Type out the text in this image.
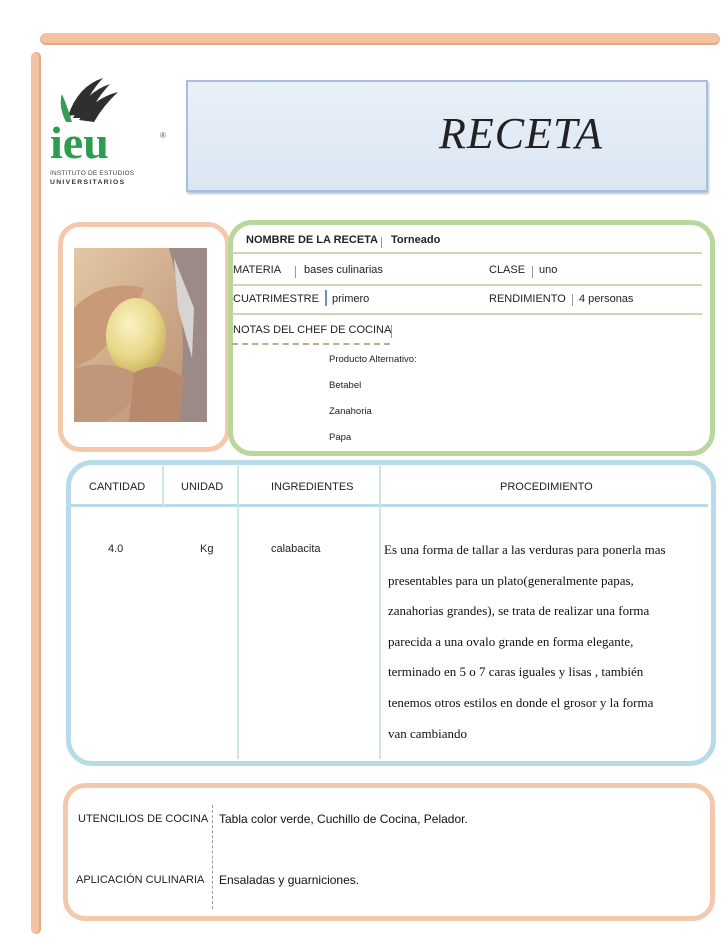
ieu	®
INSTITUTO DE ESTUDIOS
UNIVERSITARIOS
RECETA
NOMBRE DE LA RECETA Torneado
MATERIA bases culinarias	CLASE uno
CUATRIMESTRE primero	RENDIMIENTO 4 personas
NOTAS DEL CHEF DE COCINA
Producto Alternativo:
Betabel
Zanahoria
Papa
CANTIDAD	UNIDAD	INGREDIENTES	PROCEDIMIENTO
4.0	Kg	calabacita	Es una forma de tallar a las verduras para ponerla mas
presentables para un plato(generalmente papas,
zanahorias grandes), se trata de realizar una forma
parecida a una ovalo grande en forma elegante,
terminado en 5 o 7 caras iguales y lisas , también
tenemos otros estilos en donde el grosor y la forma
van cambiando
UTENCILIOS DE COCINA Tabla color verde, Cuchillo de Cocina, Pelador.
APLICACIÓN CULINARIA Ensaladas y guarniciones.
